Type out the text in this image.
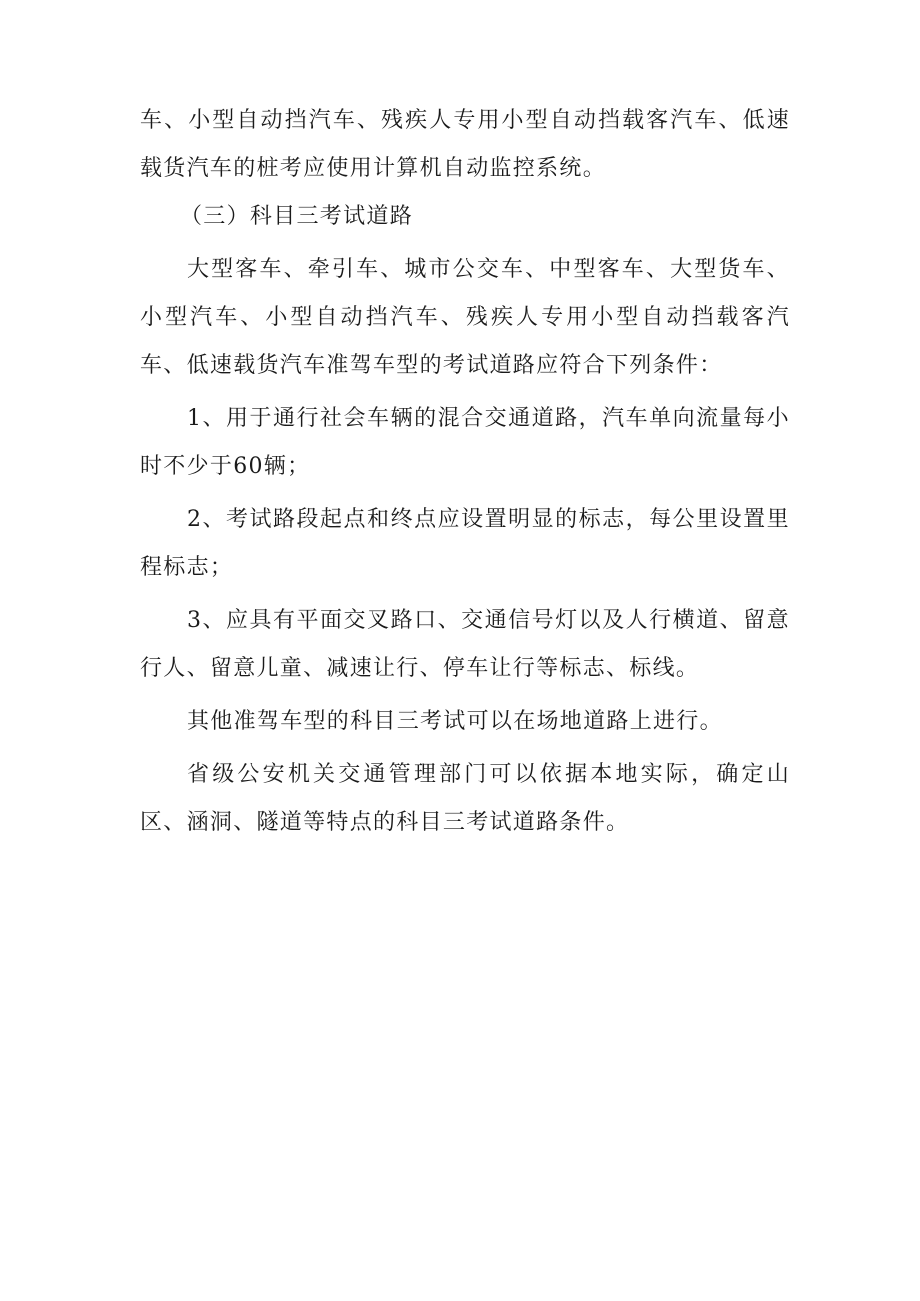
车、小型自动挡汽车、残疾人专用小型自动挡载客汽车、低速载货汽车的桩考应使用计算机自动监控系统。

（三）科目三考试道路

大型客车、牵引车、城市公交车、中型客车、大型货车、小型汽车、小型自动挡汽车、残疾人专用小型自动挡载客汽车、低速载货汽车准驾车型的考试道路应符合下列条件：

1、用于通行社会车辆的混合交通道路，汽车单向流量每小时不少于60辆；

2、考试路段起点和终点应设置明显的标志，每公里设置里程标志；

3、应具有平面交叉路口、交通信号灯以及人行横道、留意行人、留意儿童、减速让行、停车让行等标志、标线。

其他准驾车型的科目三考试可以在场地道路上进行。

省级公安机关交通管理部门可以依据本地实际，确定山区、涵洞、隧道等特点的科目三考试道路条件。
